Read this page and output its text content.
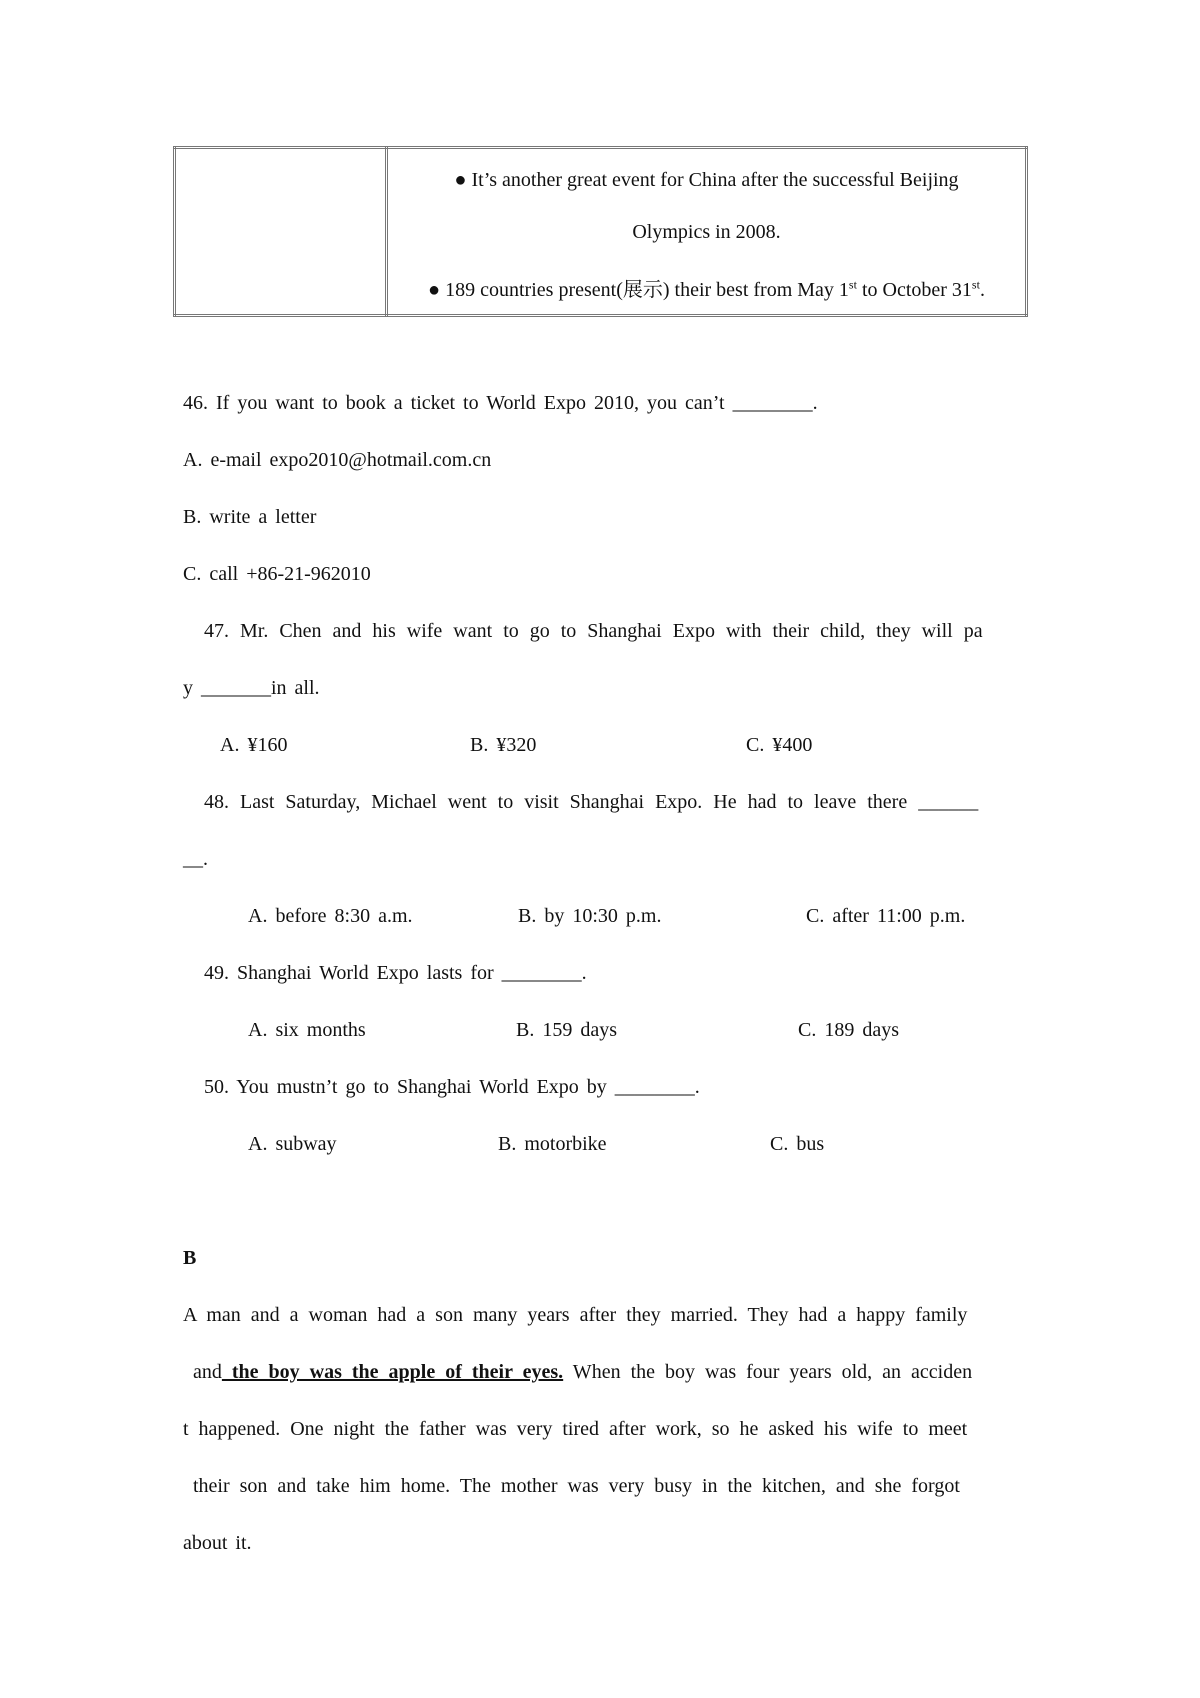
● It’s another great event for China after the successful Beijing
Olympics in 2008.
● 189 countries present(展示) their best from May 1st to October 31st.
46. If you want to book a ticket to World Expo 2010, you can’t ________.
A. e-mail expo2010@hotmail.com.cn
B. write a letter
C. call +86-21-962010
47. Mr. Chen and his wife want to go to Shanghai Expo with their child, they will pa
y _______in all.
A. ¥160	B. ¥320	C. ¥400
48. Last Saturday, Michael went to visit Shanghai Expo. He had to leave there ______
__.
A. before 8:30 a.m.	B. by 10:30 p.m.	C. after 11:00 p.m.
49. Shanghai World Expo lasts for ________.
A. six months	B. 159 days	C. 189 days
50. You mustn’t go to Shanghai World Expo by ________.
A. subway	B. motorbike	C. bus
B
A man and a woman had a son many years after they married. They had a happy family
and the boy was the apple of their eyes. When the boy was four years old, an acciden
t happened. One night the father was very tired after work, so he asked his wife to meet
their son and take him home. The mother was very busy in the kitchen, and she forgot
about it.
